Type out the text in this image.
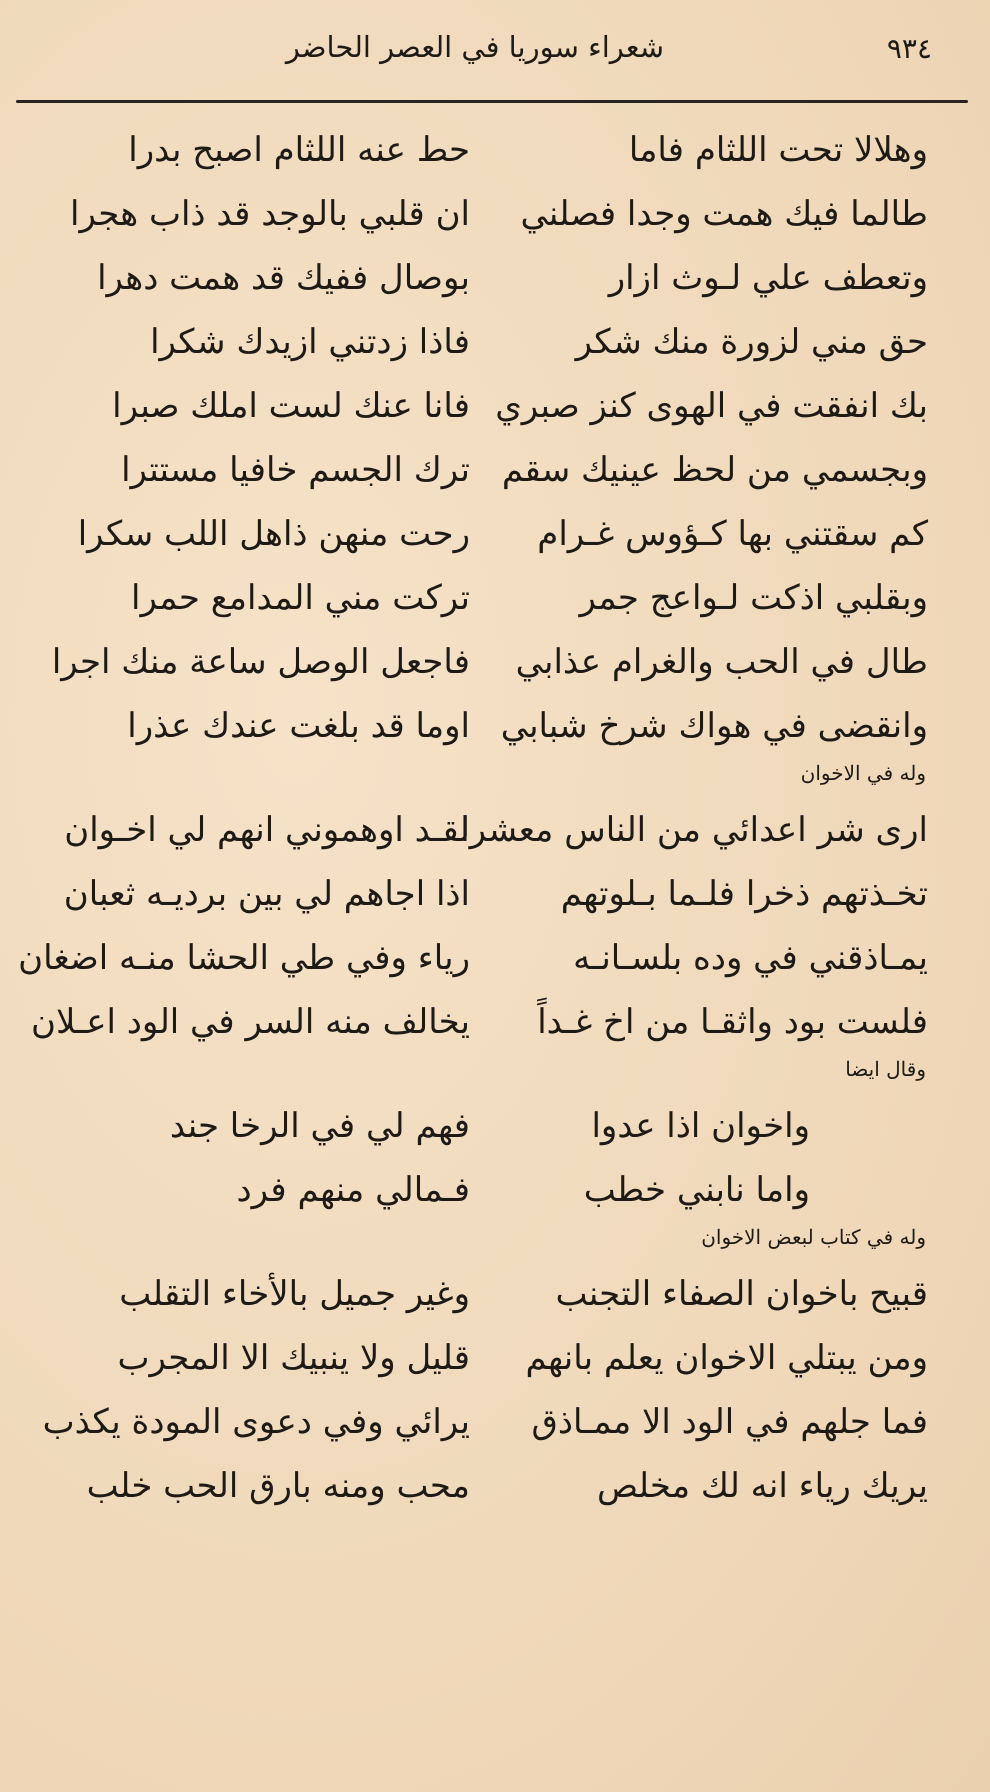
٩٣٤
شعراء سوريا في العصر الحاضر
وهلالا تحت اللثام فاما
حط عنه اللثام اصبح بدرا
طالما فيك همت وجدا فصلني
ان قلبي بالوجد قد ذاب هجرا
وتعطف علي لـوث ازار
بوصال ففيك قد همت دهرا
حق مني لزورة منك شكر
فاذا زدتني ازيدك شكرا
بك انفقت في الهوى كنز صبري
فانا عنك لست املك صبرا
وبجسمي من لحظ عينيك سقم
ترك الجسم خافيا مستترا
كم سقتني بها كـؤوس غـرام
رحت منهن ذاهل اللب سكرا
وبقلبي اذكت لـواعج جمر
تركت مني المدامع حمرا
طال في الحب والغرام عذابي
فاجعل الوصل ساعة منك اجرا
وانقضى في هواك شرخ شبابي
اوما قد بلغت عندك عذرا
وله في الاخوان
ارى شر اعدائي من الناس معشرا
لقـد اوهموني انهم لي اخـوان
تخـذتهم ذخرا فلـما بـلوتهم
اذا اجاهم لي بين برديـه ثعبان
يمـاذقني في وده بلسـانـه
رياء وفي طي الحشا منـه اضغان
فلست بود واثقـا من اخ غـداً
يخالف منه السر في الود اعـلان
وقال ايضا
واخوان اذا عدوا
فهم لي في الرخا جند
واما نابني خطب
فـمالي منهم فرد
وله في كتاب لبعض الاخوان
قبيح باخوان الصفاء التجنب
وغير جميل بالأخاء التقلب
ومن يبتلي الاخوان يعلم بانهم
قليل ولا ينبيك الا المجرب
فما جلهم في الود الا ممـاذق
يرائي وفي دعوى المودة يكذب
يريك رياء انه لك مخلص
محب ومنه بارق الحب خلب
